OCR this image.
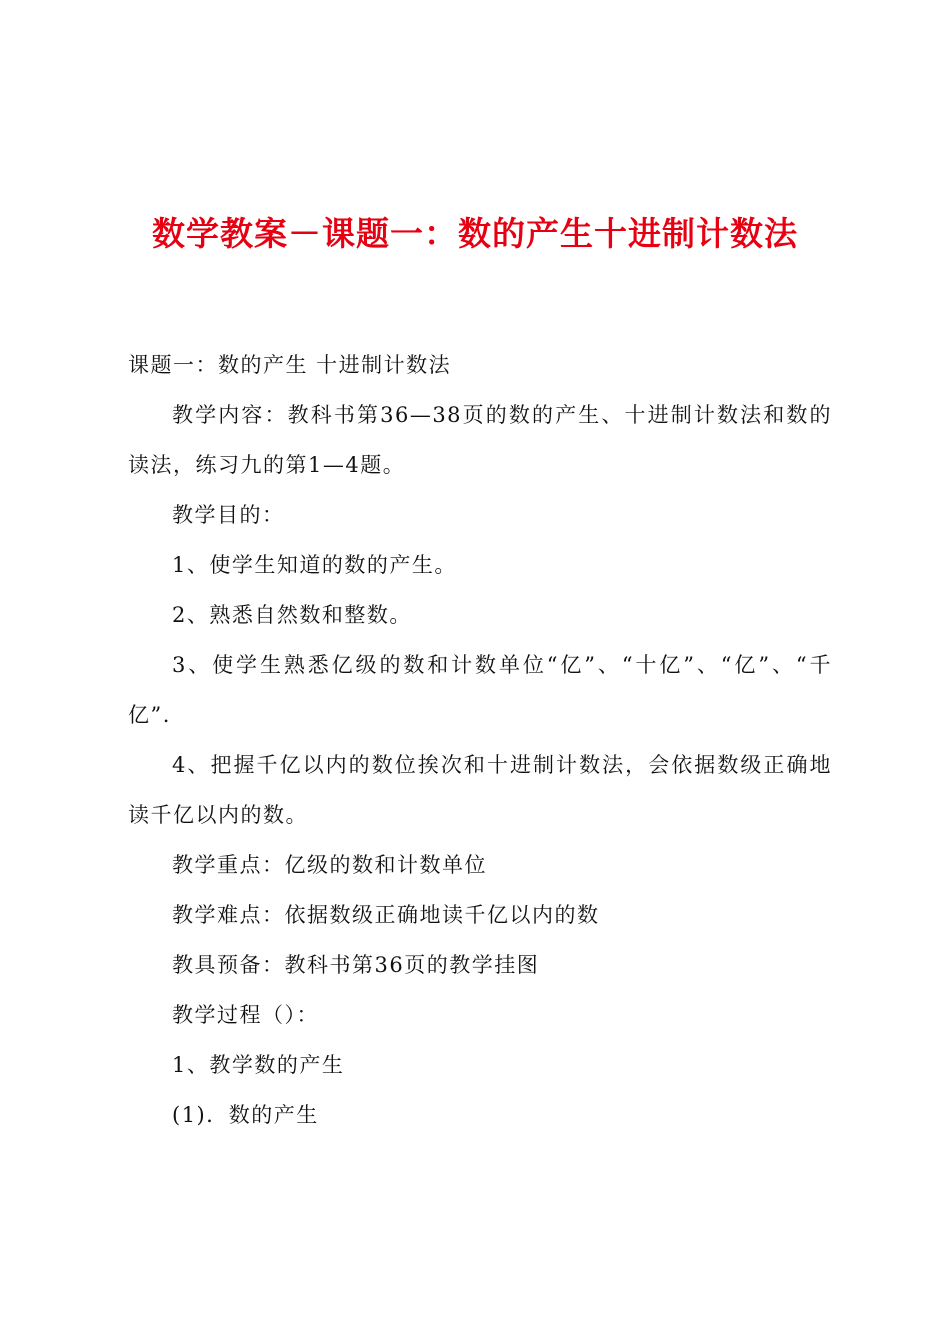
数学教案－课题一：数的产生十进制计数法

课题一：数的产生 十进制计数法

教学内容：教科书第36—38页的数的产生、十进制计数法和数的读法，练习九的第1—4题。

教学目的：

1、使学生知道的数的产生。

2、熟悉自然数和整数。

3、使学生熟悉亿级的数和计数单位“亿”、“十亿”、“亿”、“千亿”.

4、把握千亿以内的数位挨次和十进制计数法，会依据数级正确地读千亿以内的数。

教学重点：亿级的数和计数单位

教学难点：依据数级正确地读千亿以内的数

教具预备：教科书第36页的教学挂图

教学过程（）：

1、教学数的产生

(1)．数的产生
